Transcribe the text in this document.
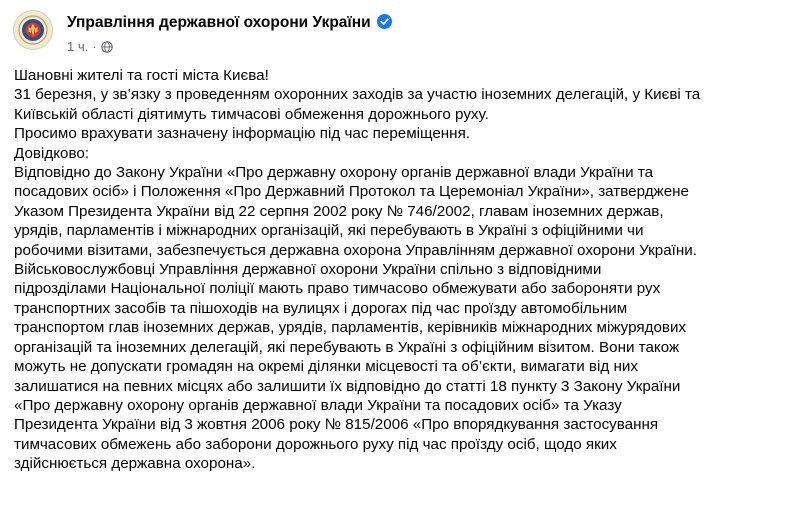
Управління державної охорони України
1 ч. ·
Шановні жителі та гості міста Києва!
31 березня, у зв’язку з проведенням охоронних заходів за участю іноземних делегацій, у Києві та
Київській області діятимуть тимчасові обмеження дорожнього руху.
Просимо врахувати зазначену інформацію під час переміщення.
Довідково:
Відповідно до Закону України «Про державну охорону органів державної влади України та
посадових осіб» і Положення «Про Державний Протокол та Церемоніал України», затверджене
Указом Президента України від 22 серпня 2002 року № 746/2002, главам іноземних держав,
урядів, парламентів і міжнародних організацій, які перебувають в Україні з офіційними чи
робочими візитами, забезпечується державна охорона Управлінням державної охорони України.
Військовослужбовці Управління державної охорони України спільно з відповідними
підрозділами Національної поліції мають право тимчасово обмежувати або забороняти рух
транспортних засобів та пішоходів на вулицях і дорогах під час проїзду автомобільним
транспортом глав іноземних держав, урядів, парламентів, керівників міжнародних міжурядових
організацій та іноземних делегацій, які перебувають в Україні з офіційним візитом. Вони також
можуть не допускати громадян на окремі ділянки місцевості та об’єкти, вимагати від них
залишатися на певних місцях або залишити їх відповідно до статті 18 пункту 3 Закону України
«Про державну охорону органів державної влади України та посадових осіб» та Указу
Президента України від 3 жовтня 2006 року № 815/2006 «Про впорядкування застосування
тимчасових обмежень або заборони дорожнього руху під час проїзду осіб, щодо яких
здійснюється державна охорона».
